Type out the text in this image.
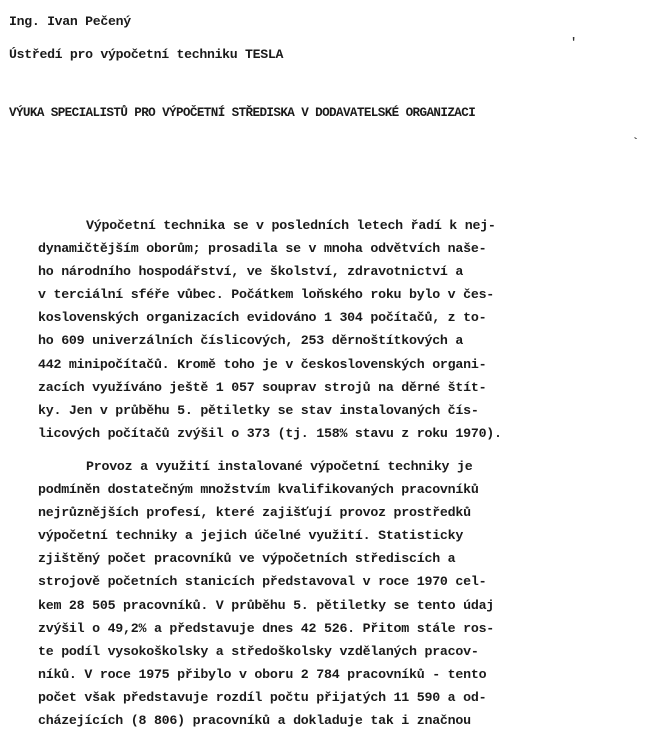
Ing. Ivan Pečený
Ústředí pro výpočetní techniku TESLA
'
VÝUKA SPECIALISTŮ PRO VÝPOČETNÍ STŘEDISKA V DODAVATELSKÉ ORGANIZACI
`
Výpočetní technika se v posledních letech řadí k nej-
dynamičtějším oborům; prosadila se v mnoha odvětvích naše-
ho národního hospodářství, ve školství, zdravotnictví a
v terciální sféře vůbec. Počátkem loňského roku bylo v čes-
koslovenských organizacích evidováno 1 304 počítačů, z to-
ho 609 univerzálních číslicových, 253 děrnoštítkových a
442 minipočítačů. Kromě toho je v československých organi-
zacích využíváno ještě 1 057 souprav strojů na děrné štít-
ky. Jen v průběhu 5. pětiletky se stav instalovaných čís-
licových počítačů zvýšil o 373 (tj. 158% stavu z roku 1970).
Provoz a využití instalované výpočetní techniky je
podmíněn dostatečným množstvím kvalifikovaných pracovníků
nejrůznějších profesí, které zajišťují provoz prostředků
výpočetní techniky a jejich účelné využití. Statisticky
zjištěný počet pracovníků ve výpočetních střediscích a
strojově početních stanicích představoval v roce 1970 cel-
kem 28 505 pracovníků. V průběhu 5. pětiletky se tento údaj
zvýšil o 49,2% a představuje dnes 42 526. Přitom stále ros-
te podíl vysokoškolsky a středoškolsky vzdělaných pracov-
níků. V roce 1975 přibylo v oboru 2 784 pracovníků - tento
počet však představuje rozdíl počtu přijatých 11 590 a od-
cházejících (8 806) pracovníků a dokladuje tak i značnou
